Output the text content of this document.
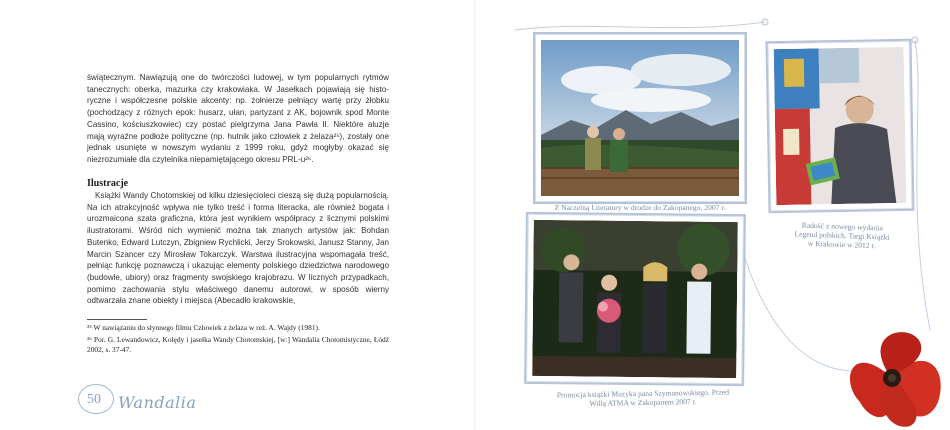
świątecznym. Nawiązują one do twórczości ludowej, w tym popularnych rytmów tanecznych: oberka, mazurka czy krakowiaka. W Jasełkach pojawiają się historyczne i współczesne polskie akcenty: np. żołnierze pełniący wartę przy żłobku (pochodzący z różnych epok: husarz, ułan, partyzant z AK, bojownik spod Monte Cassino, kościuszkowiec) czy postać pielgrzyma Jana Pawła II. Niektóre aluzje mają wyraźne podłoże polityczne (np. hutnik jako człowiek z żelaza²⁵), zostały one jednak usunięte w nowszym wydaniu z 1999 roku, gdyż mogłyby okazać się niezrozumiałe dla czytelnika niepamiętającego okresu PRL-u²⁶.

Ilustracje

Książki Wandy Chotomskiej od kilku dziesięcioleci cieszą się dużą popularnością. Na ich atrakcyjność wpływa nie tylko treść i forma literacka, ale również bogata i urozmaicona szata graficzna, która jest wynikiem współpracy z licznymi polskimi ilustratorami. Wśród nich wymienić można tak znanych artystów jak: Bohdan Butenko, Edward Lutczyn, Zbigniew Rychlicki, Jerzy Srokowski, Janusz Stanny, Jan Marcin Szancer czy Mirosław Tokarczyk. Warstwa ilustracyjna wspomagała treść, pełniąc funkcję poznawczą i ukazując elementy polskiego dziedzictwa narodowego (budowle, ubiory) oraz fragmenty swojskiego krajobrazu. W licznych przypadkach, pomimo zachowania stylu właściwego danemu autorowi, w sposób wierny odtwarzała znane obiekty i miejsca (Abecadło krakowskie,

²⁵ W nawiązaniu do słynnego filmu Człowiek z żelaza w reż. A. Wajdy (1981).

²⁶ Por. G. Lewandowicz, Kolędy i jasełka Wandy Chotomskiej, [w:] Wandalia Chotomistyczne, Łódź 2002, s. 37-47.

50 Wandalia
Z Naczelną Literatury w drodze do Zakopanego, 2007 r.
Radość z nowego wydania Legend polskich. Targi Książki w Krakowie w 2012 r.
Promocja książki Muzyka pana Szymanowskiego. Przed Willą ATMA w Zakopanem 2007 r.
